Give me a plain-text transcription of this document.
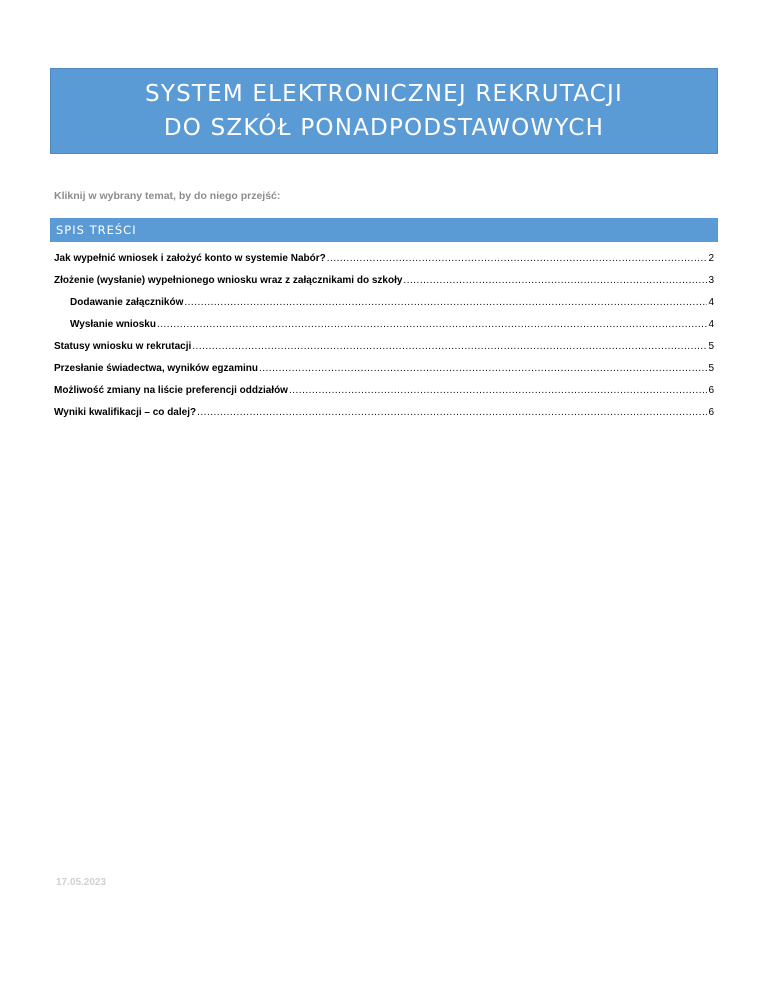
SYSTEM ELEKTRONICZNEJ REKRUTACJI
DO SZKÓŁ PONADPODSTAWOWYCH
Kliknij w wybrany temat, by do niego przejść:
SPIS TREŚCI
Jak wypełnić wniosek i założyć konto w systemie Nabór? .....	2
Złożenie (wysłanie) wypełnionego wniosku wraz z załącznikami do szkoły .....	3
Dodawanie załączników .....	4
Wysłanie wniosku .....	4
Statusy wniosku w rekrutacji .....	5
Przesłanie świadectwa, wyników egzaminu .....	5
Możliwość zmiany na liście preferencji oddziałów .....	6
Wyniki kwalifikacji – co dalej? .....	6
17.05.2023
